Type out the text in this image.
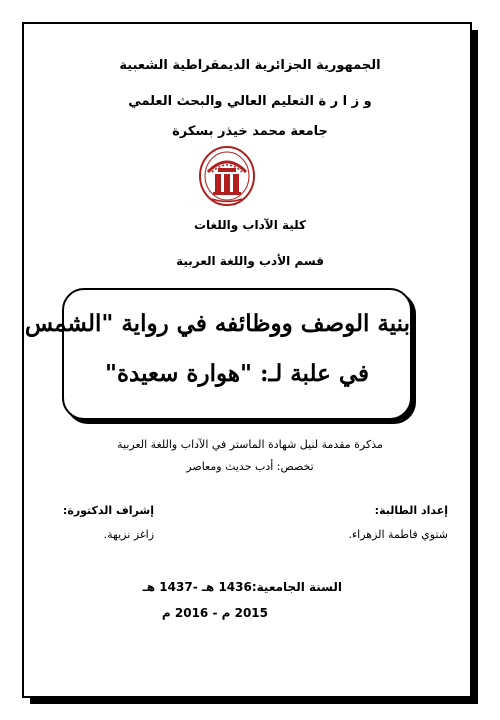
الجمهورية الجزائرية الديمقراطية الشعبية
و ز ا ر ة التعليم العالي والبحث العلمي
جامعة محمد خيذر بسكرة
كلية الآداب واللغات
قسم الأدب واللغة العربية
بنية الوصف ووظائفه في رواية "الشمس
في علبة لـ: "هوارة سعيدة"
مذكرة مقدمة لنيل شهادة الماستر في الآداب واللغة العربية
تخصص: أدب حديث ومعاصر
إعداد الطالبة:
شتوي فاطمة الزهراء.
إشراف الدكتورة:
زاغز نزيهة.
السنة الجامعية:1436 هـ -1437 هـ
2015 م - 2016 م
